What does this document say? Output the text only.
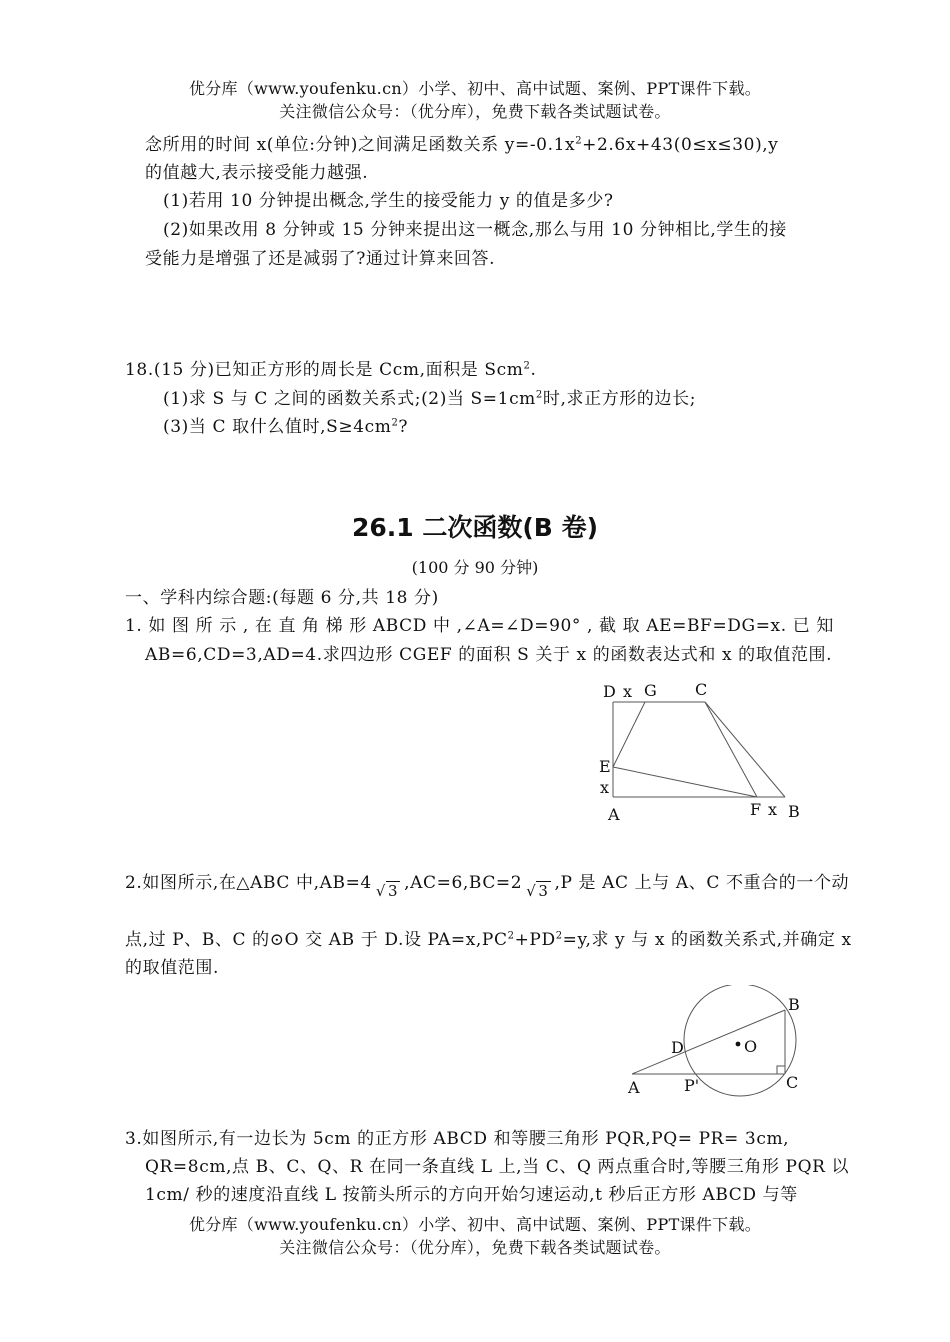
优分库（www.youfenku.cn）小学、初中、高中试题、案例、PPT课件下载。
关注微信公众号：（优分库），免费下载各类试题试卷。
念所用的时间 x(单位:分钟)之间满足函数关系 $y=-0.1x^2+2.6x+43(0\le x\le 30),y$
的值越大,表示接受能力越强.
(1)若用 10 分钟提出概念,学生的接受能力 y 的值是多少?
(2)如果改用 8 分钟或 15 分钟来提出这一概念,那么与用 10 分钟相比,学生的接
受能力是增强了还是减弱了?通过计算来回答.
18.(15 分)已知正方形的周长是 Ccm,面积是 Scm$^2$.
(1)求 S 与 C 之间的函数关系式;(2)当 $S=1cm^2$时,求正方形的边长;
(3)当 C 取什么值时$,S\ge 4cm^2$?
26.1 二次函数(B 卷)
(100 分 90 分钟)
一、学科内综合题:(每题 6 分,共 18 分)
1. 如 图 所 示 , 在 直 角 梯 形 ABCD 中 ,∠A=∠D=90° , 截 取 AE=BF=DG=x. 已 知
AB=6,CD=3,AD=4.求四边形 CGEF 的面积 S 关于 x 的函数表达式和 x 的取值范围.
D x G C
E
x
A	F x B
2.如图所示,在△ABC 中,AB=4 √ 3 ,AC=6,BC=2 √ 3 ,P 是 AC 上与 A、C 不重合的一个动
点,过 P、B、C 的⊙O 交 AB 于 D.设 $PA=x,PC^2+PD^2=y$,求 y 与 x 的函数关系式,并确定 x
的取值范围.
B
D	O
A	P'	C
3.如图所示,有一边长为 5cm 的正方形 ABCD 和等腰三角形 PQR,PQ= PR= 3cm,
QR=8cm,点 B、C、Q、R 在同一条直线 L 上,当 C、Q 两点重合时,等腰三角形 PQR 以
1cm/ 秒的速度沿直线 L 按箭头所示的方向开始匀速运动,t 秒后正方形 ABCD 与等
优分库（www.youfenku.cn）小学、初中、高中试题、案例、PPT课件下载。
关注微信公众号：（优分库），免费下载各类试题试卷。
